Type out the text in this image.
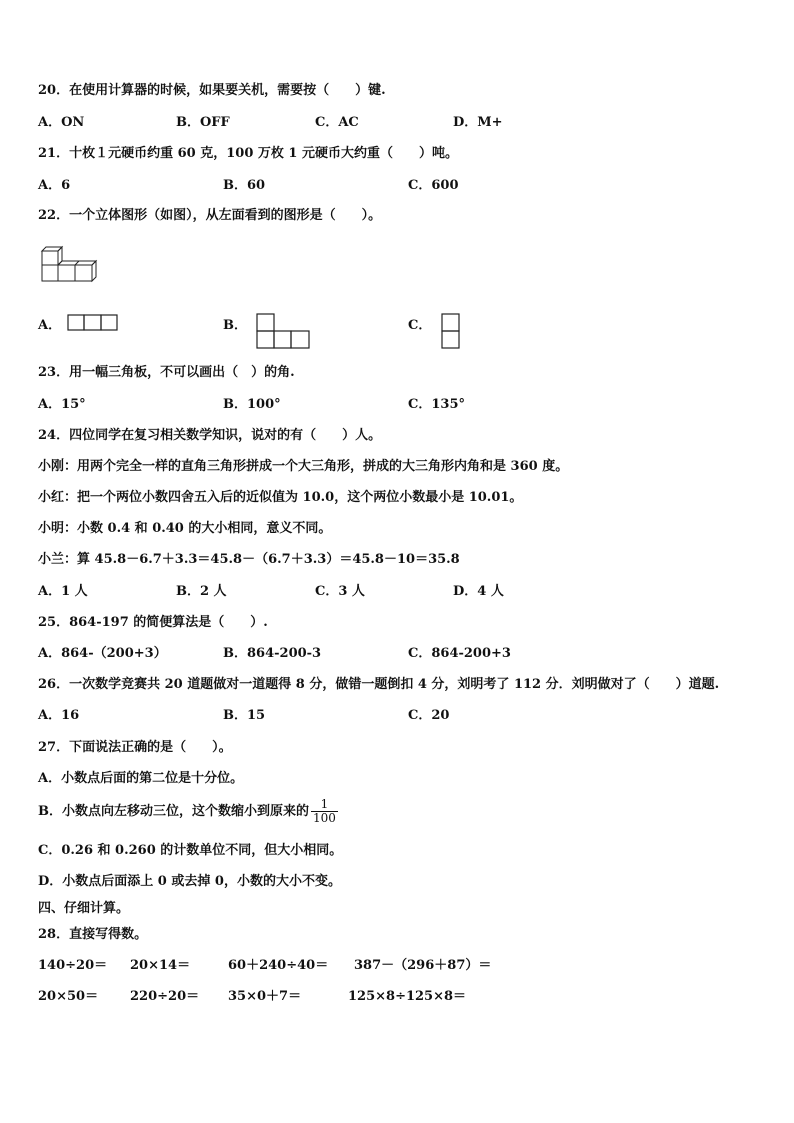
20．在使用计算器的时候，如果要关机，需要按（　　）键.
A．ON	B．OFF	C．AC	D．M+
21．十枚１元硬币约重 60 克，100 万枚 1 元硬币大约重（　　）吨。
A．6	B．60	C．600
22．一个立体图形（如图），从左面看到的图形是（　　）。
A．	B．	C．
23．用一幅三角板，不可以画出（　）的角.
A．15°	B．100°	C．135°
24．四位同学在复习相关数学知识，说对的有（　　）人。
小刚：用两个完全一样的直角三角形拼成一个大三角形，拼成的大三角形内角和是 360 度。
小红：把一个两位小数四舍五入后的近似值为 10.0，这个两位小数最小是 10.01。
小明：小数 0.4 和 0.40 的大小相同，意义不同。
小兰：算 45.8－6.7＋3.3＝45.8－（6.7＋3.3）＝45.8－10＝35.8
A．1 人	B．2 人	C．3 人	D．4 人
25．864-197 的简便算法是（　　）.
A．864-（200+3）	B．864-200-3	C．864-200+3
26．一次数学竞赛共 20 道题做对一道题得 8 分，做错一题倒扣 4 分，刘明考了 112 分．刘明做对了（　　）道题.
A．16	B．15	C．20
27．下面说法正确的是（　　）。
A．小数点后面的第二位是十分位。
B．小数点向左移动三位，这个数缩小到原来的 $\frac{1}{100}$
C．0.26 和 0.260 的计数单位不同，但大小相同。
D．小数点后面添上 0 或去掉 0，小数的大小不变。
四、仔细计算。
28．直接写得数。
140÷20＝ 20×14＝	60＋240÷40＝ 387－（296＋87）＝
20×50＝ 220÷20＝ 35×0＋7＝	125×8÷125×8＝
